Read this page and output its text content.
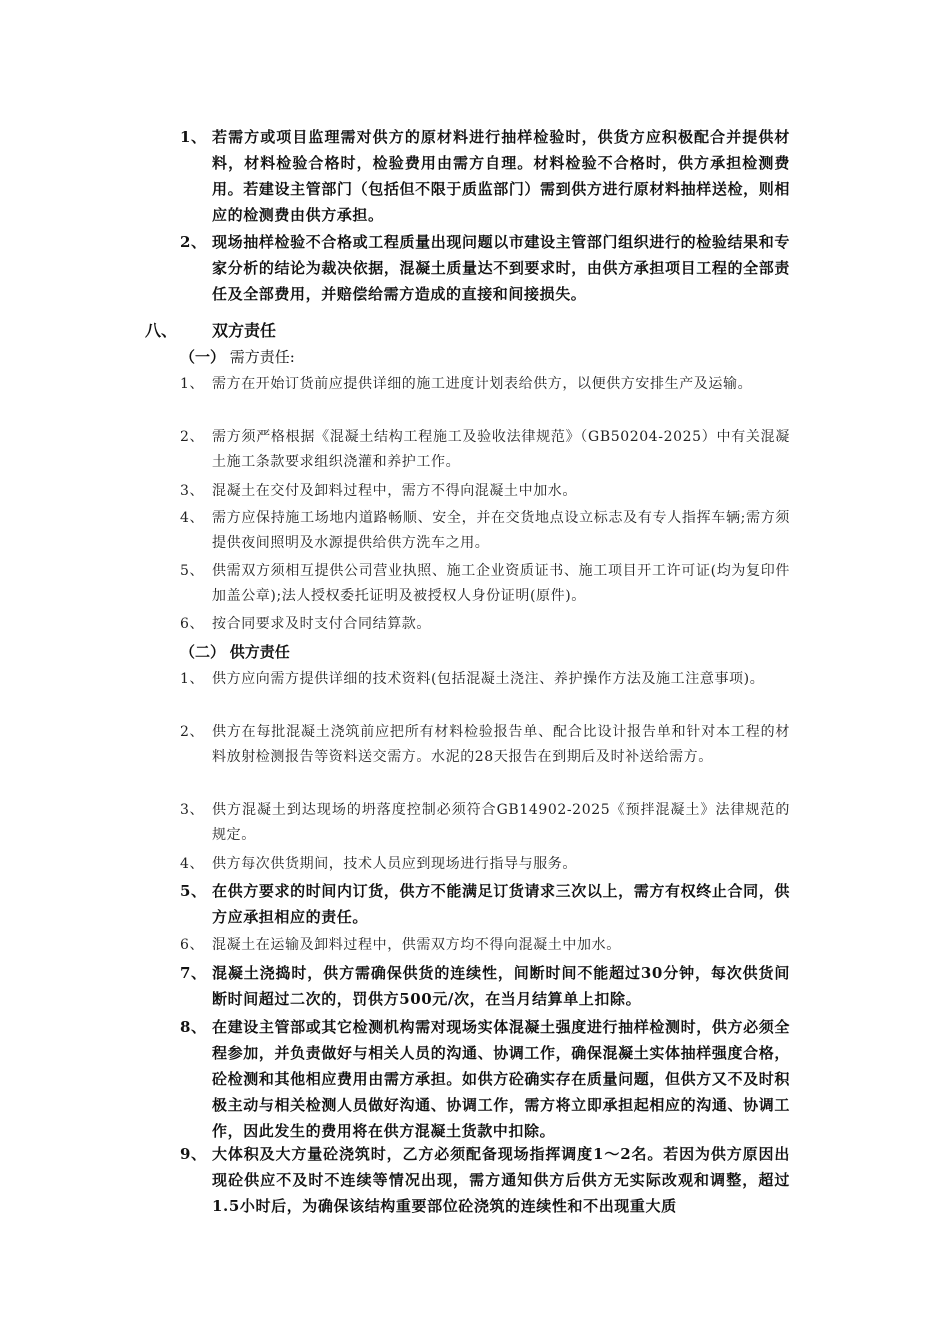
1、 若需方或项目监理需对供方的原材料进行抽样检验时，供货方应积极配合并提供材料，材料检验合格时，检验费用由需方自理。材料检验不合格时，供方承担检测费用。若建设主管部门（包括但不限于质监部门）需到供方进行原材料抽样送检，则相应的检测费由供方承担。
2、 现场抽样检验不合格或工程质量出现问题以市建设主管部门组织进行的检验结果和专家分析的结论为裁决依据，混凝土质量达不到要求时，由供方承担项目工程的全部责任及全部费用，并赔偿给需方造成的直接和间接损失。
八、 双方责任
（一） 需方责任:
1、 需方在开始订货前应提供详细的施工进度计划表给供方，以便供方安排生产及运输。
2、 需方须严格根据《混凝土结构工程施工及验收法律规范》（GB50204-2025）中有关混凝土施工条款要求组织浇灌和养护工作。
3、 混凝土在交付及卸料过程中，需方不得向混凝土中加水。
4、 需方应保持施工场地内道路畅顺、安全，并在交货地点设立标志及有专人指挥车辆;需方须提供夜间照明及水源提供给供方洗车之用。
5、 供需双方须相互提供公司营业执照、施工企业资质证书、施工项目开工许可证(均为复印件加盖公章);法人授权委托证明及被授权人身份证明(原件)。
6、 按合同要求及时支付合同结算款。
（二） 供方责任
1、 供方应向需方提供详细的技术资料(包括混凝土浇注、养护操作方法及施工注意事项)。
2、 供方在每批混凝土浇筑前应把所有材料检验报告单、配合比设计报告单和针对本工程的材料放射检测报告等资料送交需方。水泥的28天报告在到期后及时补送给需方。
3、 供方混凝土到达现场的坍落度控制必须符合GB14902-2025《预拌混凝土》法律规范的规定。
4、 供方每次供货期间，技术人员应到现场进行指导与服务。
5、 在供方要求的时间内订货，供方不能满足订货请求三次以上，需方有权终止合同，供方应承担相应的责任。
6、 混凝土在运输及卸料过程中，供需双方均不得向混凝土中加水。
7、 混凝土浇捣时，供方需确保供货的连续性，间断时间不能超过30分钟，每次供货间断时间超过二次的，罚供方500元/次，在当月结算单上扣除。
8、 在建设主管部或其它检测机构需对现场实体混凝土强度进行抽样检测时，供方必须全程参加，并负责做好与相关人员的沟通、协调工作，确保混凝土实体抽样强度合格，砼检测和其他相应费用由需方承担。如供方砼确实存在质量问题，但供方又不及时积极主动与相关检测人员做好沟通、协调工作，需方将立即承担起相应的沟通、协调工作，因此发生的费用将在供方混凝土货款中扣除。
9、 大体积及大方量砼浇筑时，乙方必须配备现场指挥调度1～2名。若因为供方原因出现砼供应不及时不连续等情况出现，需方通知供方后供方无实际改观和调整，超过1.5小时后，为确保该结构重要部位砼浇筑的连续性和不出现重大质
